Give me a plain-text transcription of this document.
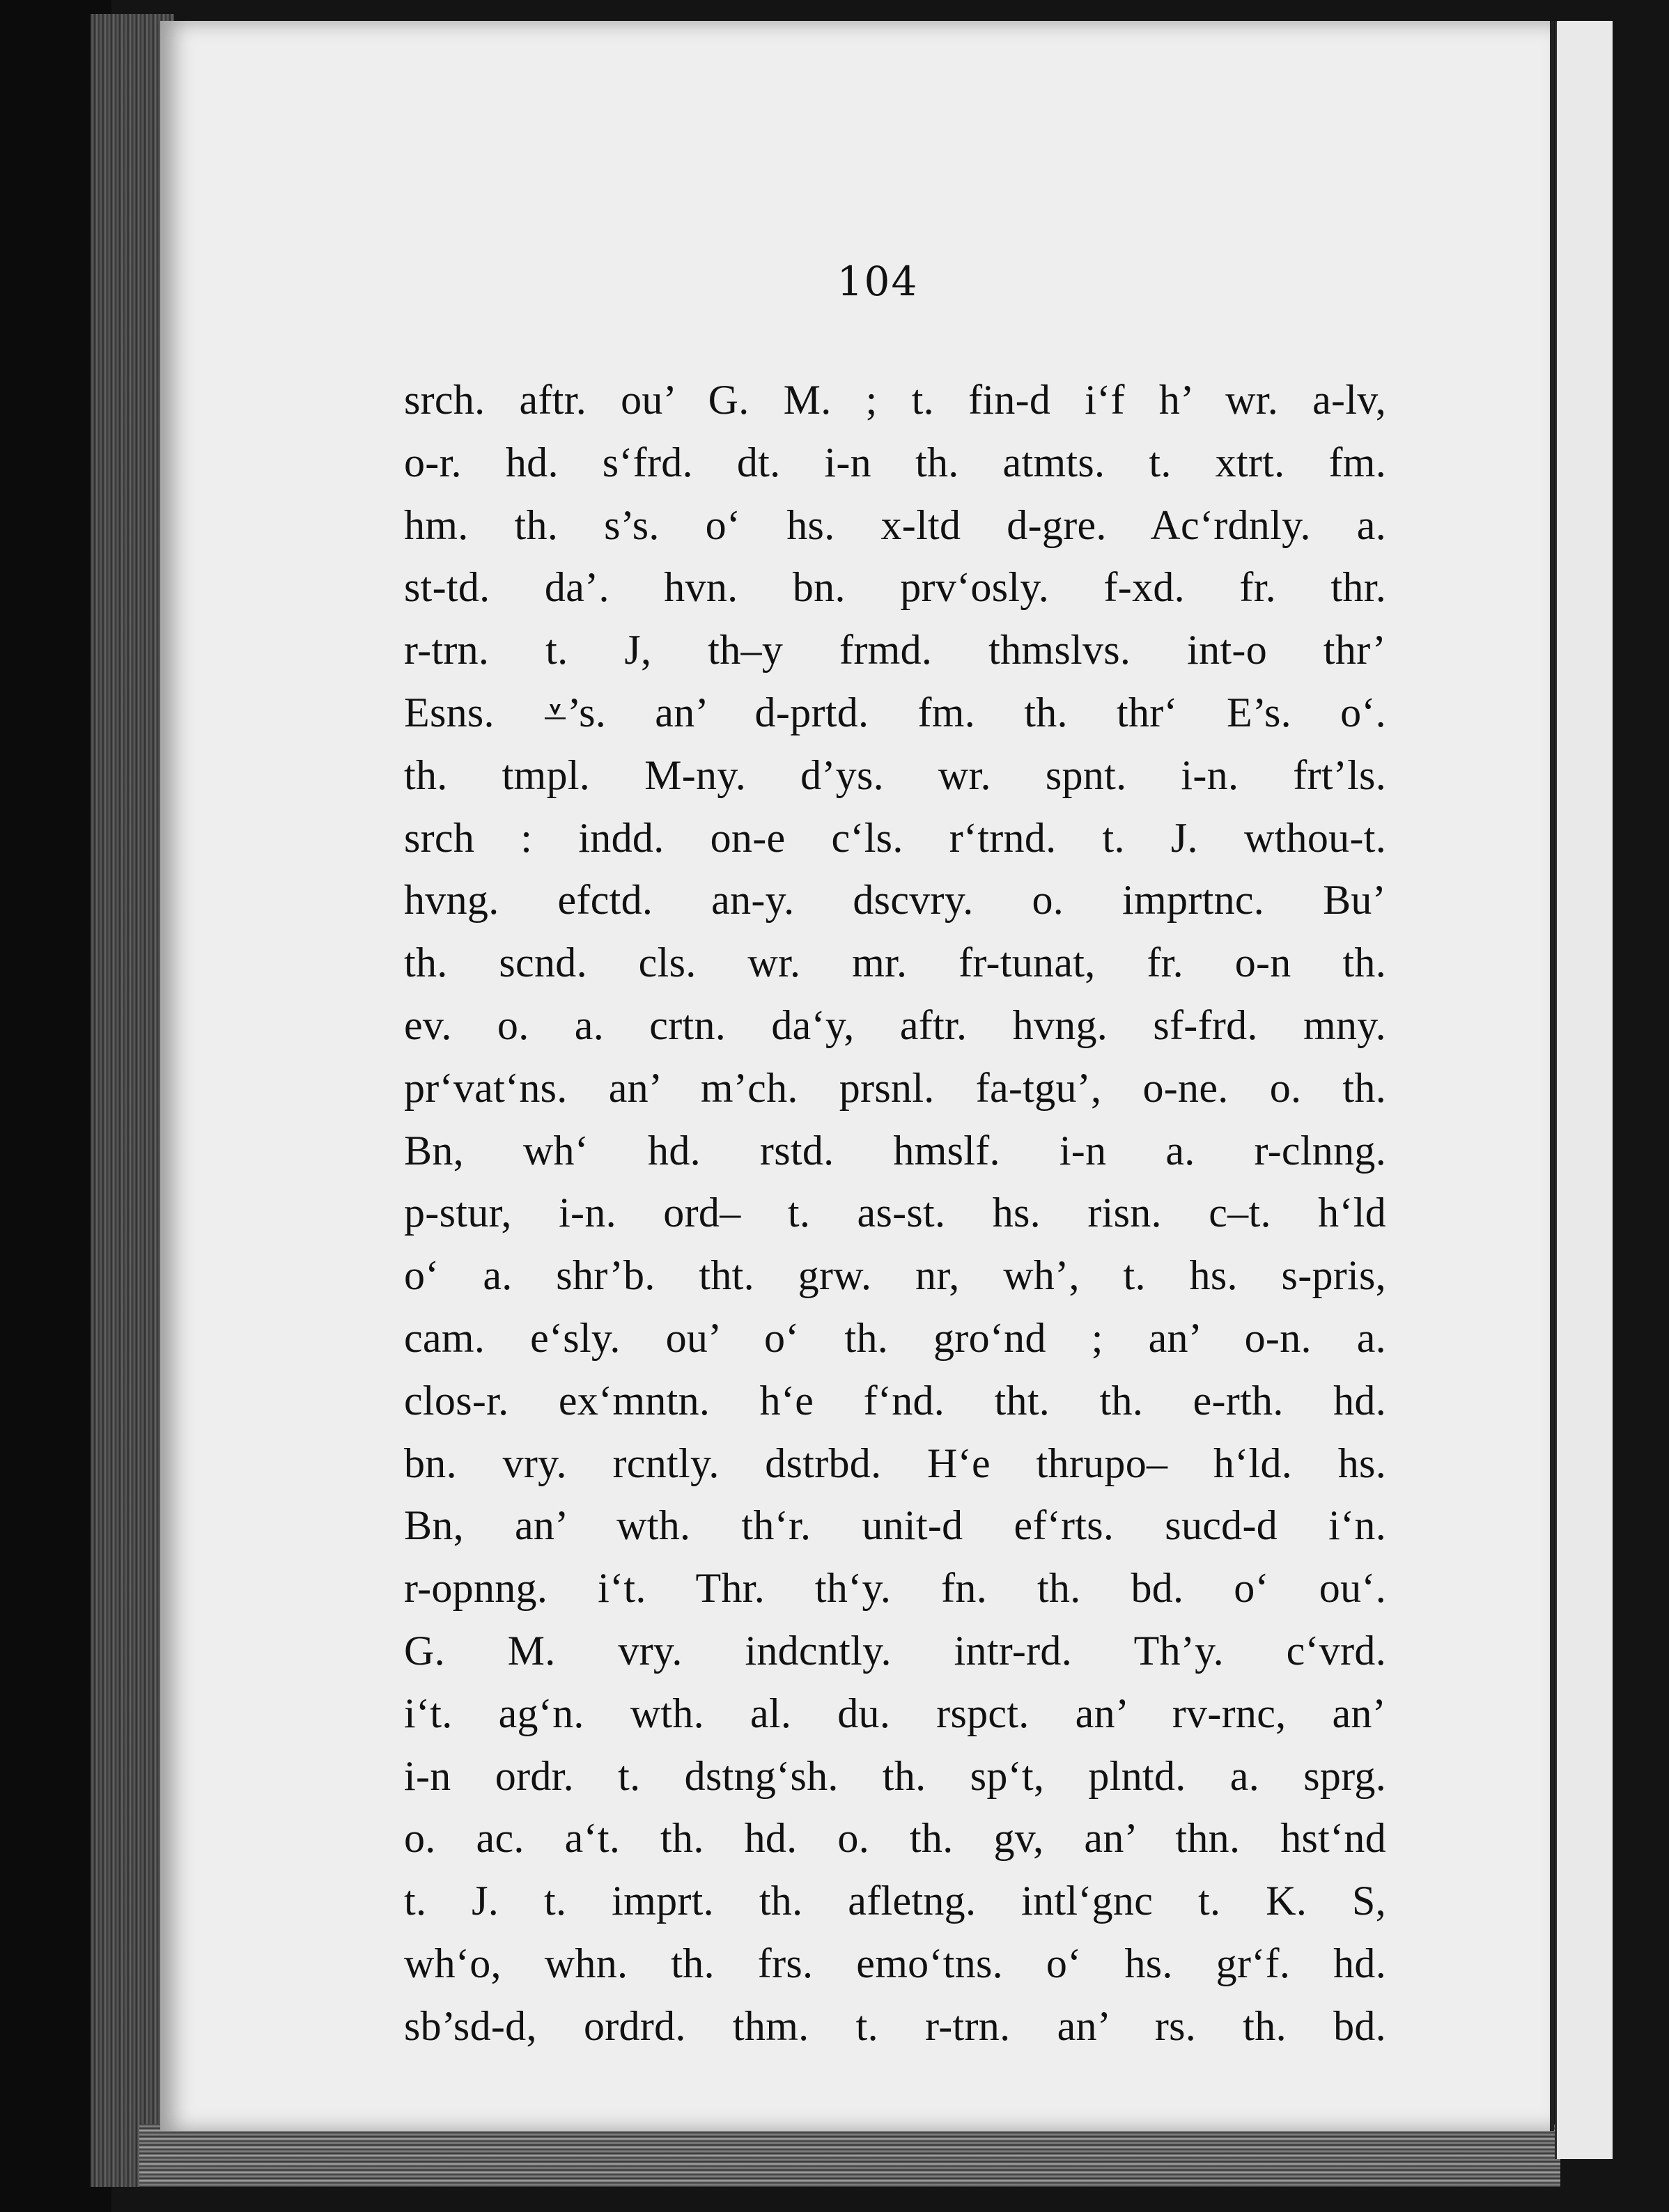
104
srch. aftr. ou’ G. M. ; t. fin-d i‘f h’ wr. a-lv,
o-r. hd. s‘frd. dt. i-n th. atmts. t. xtrt. fm.
hm. th. s’s. o‘ hs. x-ltd d-gre. Ac‘rdnly. a.
st-td. da’. hvn. bn. prv‘osly. f-xd. fr. thr.
r-trn. t. J, th–y frmd. thmslvs. int-o thr’
Esns. ⩡’s. an’ d-prtd. fm. th. thr‘ E’s. o‘.
th. tmpl. M-ny. d’ys. wr. spnt. i-n. frt’ls.
srch : indd. on-e c‘ls. r‘trnd. t. J. wthou-t.
hvng. efctd. an-y. dscvry. o. imprtnc. Bu’
th. scnd. cls. wr. mr. fr-tunat, fr. o-n th.
ev. o. a. crtn. da‘y, aftr. hvng. sf-frd. mny.
pr‘vat‘ns. an’ m’ch. prsnl. fa-tgu’, o-ne. o. th.
Bn, wh‘ hd. rstd. hmslf. i-n a. r-clnng.
p-stur, i-n. ord– t. as-st. hs. risn. c–t. h‘ld
o‘ a. shr’b. tht. grw. nr, wh’, t. hs. s-pris,
cam. e‘sly. ou’ o‘ th. gro‘nd ; an’ o-n. a.
clos-r. ex‘mntn. h‘e f‘nd. tht. th. e-rth. hd.
bn. vry. rcntly. dstrbd. H‘e thrupo– h‘ld. hs.
Bn, an’ wth. th‘r. unit-d ef‘rts. sucd-d i‘n.
r-opnng. i‘t. Thr. th‘y. fn. th. bd. o‘ ou‘.
G. M. vry. indcntly. intr-rd. Th’y. c‘vrd.
i‘t. ag‘n. wth. al. du. rspct. an’ rv-rnc, an’
i-n ordr. t. dstng‘sh. th. sp‘t, plntd. a. sprg.
o. ac. a‘t. th. hd. o. th. gv, an’ thn. hst‘nd
t. J. t. imprt. th. afletng. intl‘gnc t. K. S,
wh‘o, whn. th. frs. emo‘tns. o‘ hs. gr‘f. hd.
sb’sd-d, ordrd. thm. t. r-trn. an’ rs. th. bd.
